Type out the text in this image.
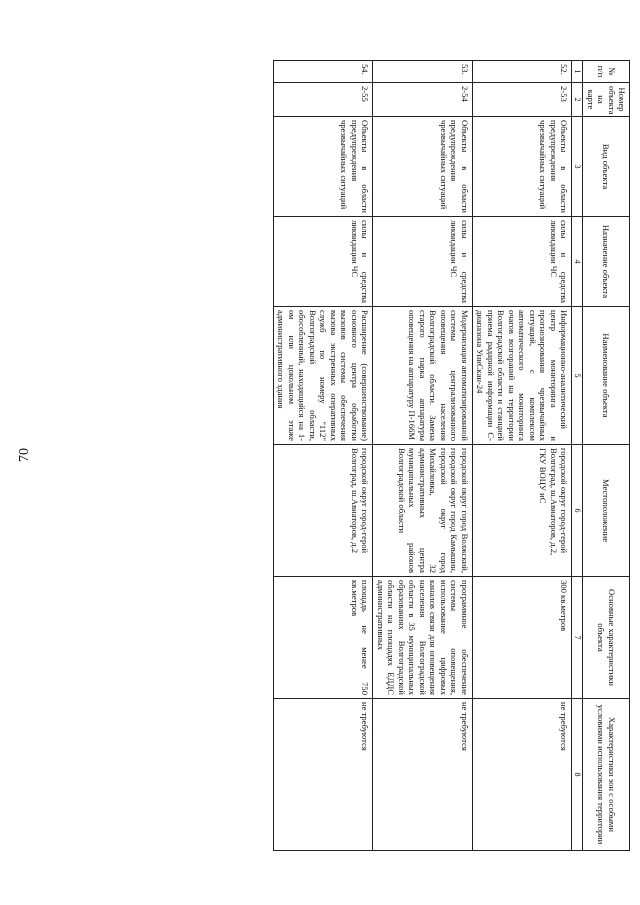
70
№ п/п	Номер объекта на карте	Вид объекта	Назначение объекта	Наименование объекта	Местоположение	Основные характеристики объекта	Характеристики зон с особыми условиями использования территории
1	2	3	4	5	6	7	8
52.	2-53	Объекты в области предупреждения чрезвычайных ситуаций	силы и средства ликвидации ЧС	Информационно-аналитический центр мониторинга и прогнозирования чрезвычайных ситуаций, с комплексом автоматического мониторинга очагов возгораний на территории Волгоградской области и станцией приема радарной информации С-диапазона УниСкан-24	городской округ город-герой Волгоград, ш.Авиаторов, д.2, ГКУ ВОЦУ иС	300 кв.метров	не требуются
53.	2-54	Объекты в области предупреждения чрезвычайных ситуаций	силы и средства ликвидации ЧС	Модернизация автоматизированной системы централизованного оповещения населения Волгоградской области. Замена старого парка аппаратуры оповещения на аппаратуру П-166М	городской округ город Волжский, городской округ город Камышин, городской округ город Михайловка, 32 административных центра муниципальных районов Волгоградской области	программное обеспечение системы оповещения, использование цифровых каналов связи для оповещения населения Волгоградской области в 35 муниципальных образованиях Волгоградской области на площадях ЕДДС административных	не требуются
54.	2-55	Объекты в области предупреждения чрезвычайных ситуаций	силы и средства ликвидации ЧС	Расширение (совершенствование) основного центра обработки вызовов системы обеспечения вызова экстренных оперативных служб по номеру "112" Волгоградской области, обособленный, находящийся на 1-ом или цокольном этаже административного здания	городской округ город-герой Волгоград, ш.Авиаторов, д.2	площадь не менее 750 кв.метров	не требуются
